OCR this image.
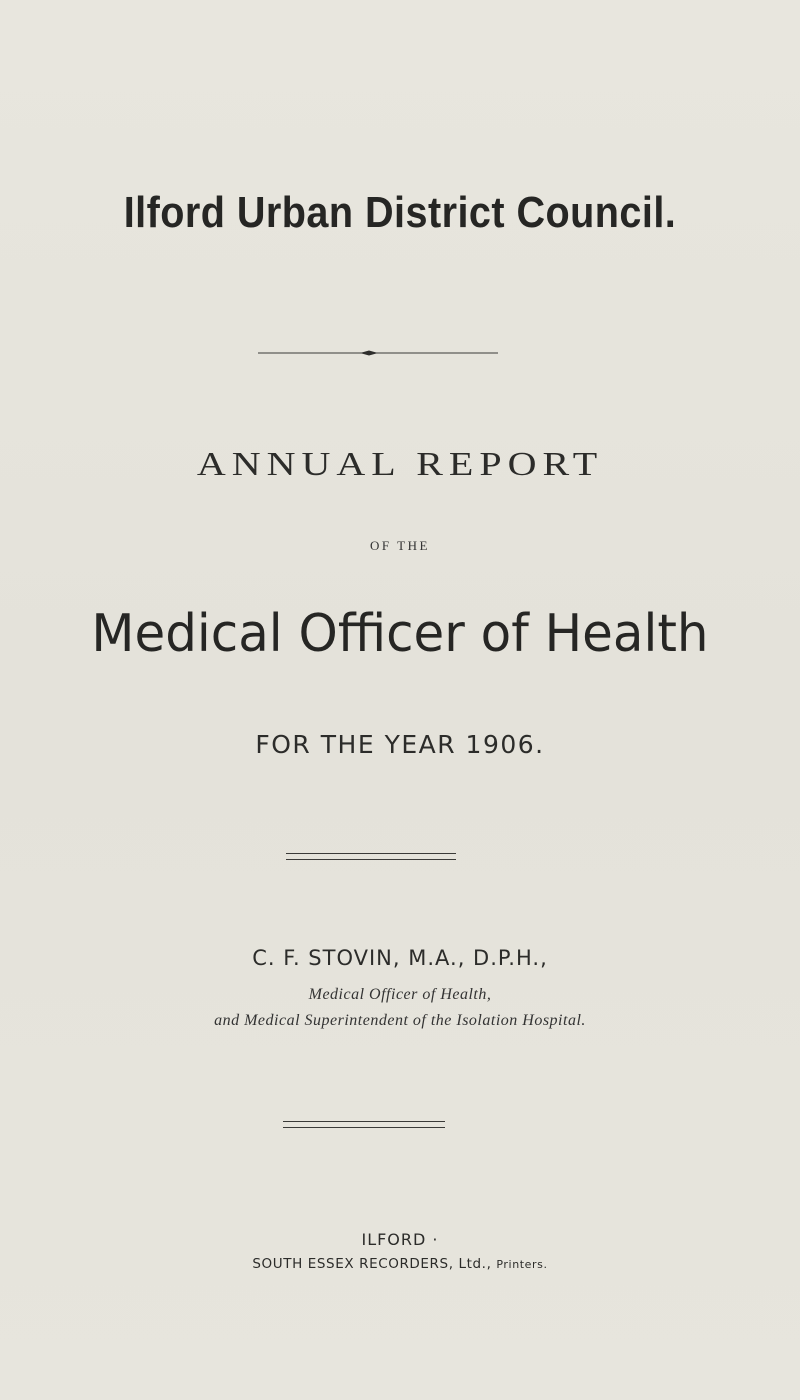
Ilford Urban District Council.
ANNUAL REPORT
OF THE
Medical Officer of Health
FOR THE YEAR 1906.
C. F. STOVIN, M.A., D.P.H.,
Medical Officer of Health,
and Medical Superintendent of the Isolation Hospital.
ILFORD ·
SOUTH ESSEX RECORDERS, Ltd., Printers.
